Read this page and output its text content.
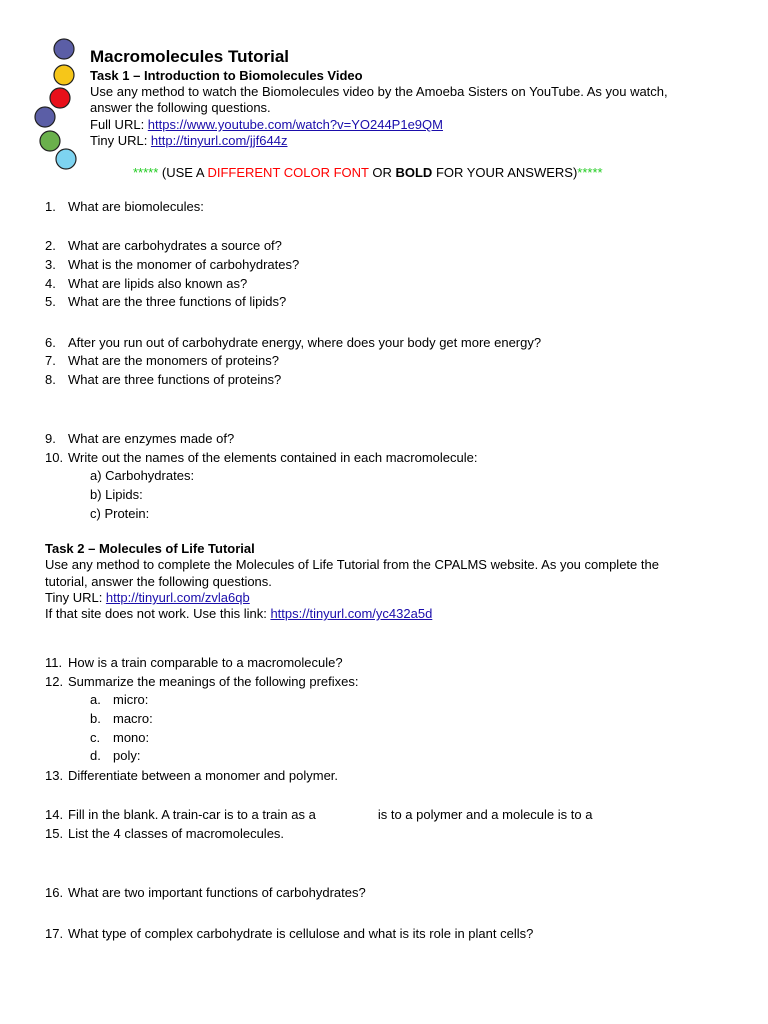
Macromolecules Tutorial
Task 1 – Introduction to Biomolecules Video
Use any method to watch the Biomolecules video by the Amoeba Sisters on YouTube. As you watch,
answer the following questions.
Full URL: https://www.youtube.com/watch?v=YO244P1e9QM
Tiny URL: http://tinyurl.com/jjf644z
***** (USE A DIFFERENT COLOR FONT OR BOLD FOR YOUR ANSWERS)*****
1. What are biomolecules:
2. What are carbohydrates a source of?
3. What is the monomer of carbohydrates?
4. What are lipids also known as?
5. What are the three functions of lipids?
6. After you run out of carbohydrate energy, where does your body get more energy?
7. What are the monomers of proteins?
8. What are three functions of proteins?
9. What are enzymes made of?
10. Write out the names of the elements contained in each macromolecule:
a) Carbohydrates:
b) Lipids:
c) Protein:
Task 2 – Molecules of Life Tutorial
Use any method to complete the Molecules of Life Tutorial from the CPALMS website. As you complete the
tutorial, answer the following questions.
Tiny URL: http://tinyurl.com/zvla6qb
If that site does not work. Use this link: https://tinyurl.com/yc432a5d
11. How is a train comparable to a macromolecule?
12. Summarize the meanings of the following prefixes:
a. micro:
b. macro:
c. mono:
d. poly:
13. Differentiate between a monomer and polymer.
14. Fill in the blank. A train-car is to a train as a	is to a polymer and a molecule is to a
15. List the 4 classes of macromolecules.
16. What are two important functions of carbohydrates?
17. What type of complex carbohydrate is cellulose and what is its role in plant cells?
